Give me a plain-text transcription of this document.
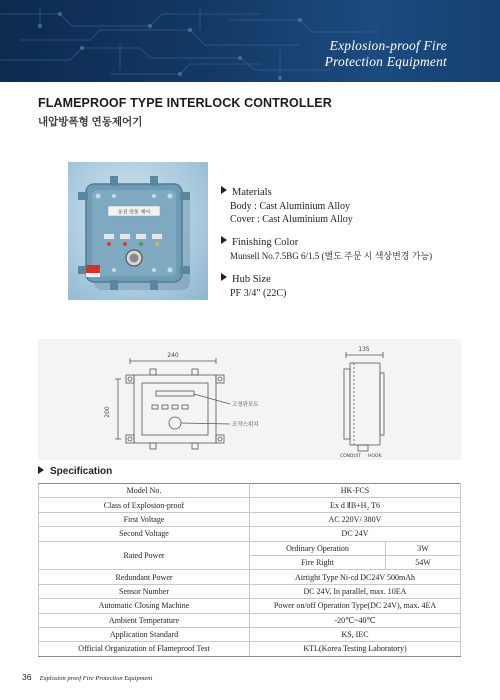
Explosion-proof Fire
Protection Equipment
FLAMEPROOF TYPE INTERLOCK CONTROLLER
내압방폭형 연동제어기
운전 연동 제어
Materials
Body : Cast Aluminium Alloy
Cover : Cast Aluminium Alloy
Finishing Color
Munsell No.7.5BG 6/1.5 (별도 주문 시 색상변경 가능)
Hub Size
PF 3/4" (22C)
240
200
135
고정판포트
조작스위치
CONDUIT HOOK
Specification
Model No.	HK-FCS	
Class of Explosion-proof	Ex d ⅡB+H₂ T6	
First Voltage	AC 220V/ 380V	
Second Voltage	DC 24V	
Rated Power	Ordinary Operation	3W
	Fire Right	54W
Redundant Power	Airtight Type Ni-cd DC24V 500mAh	
Sensor Number	DC 24V, In parallel, max. 10EA	
Automatic Closing Machine	Power on/off Operation Type(DC 24V), max. 4EA	
Ambient Temperature	-20℃~40℃	
Application Standard	KS, IEC	
Official Organization of Flameproof Test	KTL(Korea Testing Laboratory)	
36 Explosion proof Fire Protection Equipment
